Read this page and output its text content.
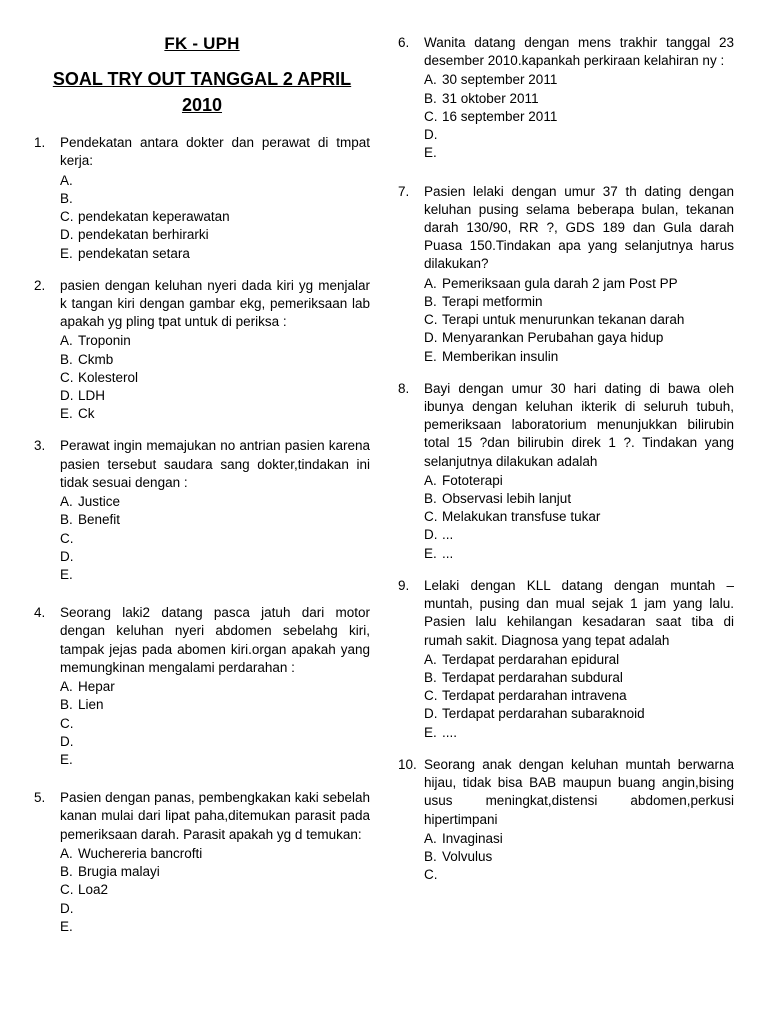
FK - UPH
SOAL TRY OUT TANGGAL 2 APRIL 2010
1.	Pendekatan antara dokter dan perawat di tmpat kerja:

A.
B.
C. pendekatan keperawatan
D. pendekatan berhirarki
E. pendekatan setara
2.	pasien dengan keluhan nyeri dada kiri yg menjalar k tangan kiri dengan gambar ekg, pemeriksaan lab apakah yg pling tpat untuk di periksa :

A. Troponin
B. Ckmb
C. Kolesterol
D. LDH
E. Ck
3.	Perawat ingin memajukan no antrian pasien karena pasien tersebut saudara sang dokter,tindakan ini tidak sesuai dengan :

A. Justice
B. Benefit
C.
D.
E.
4.	Seorang laki2 datang pasca jatuh dari motor dengan keluhan nyeri abdomen sebelahg kiri, tampak jejas pada abomen kiri.organ apakah yang memungkinan mengalami perdarahan :

A. Hepar
B. Lien
C.
D.
E.
5.	Pasien dengan panas, pembengkakan kaki sebelah kanan mulai dari lipat paha,ditemukan parasit pada pemeriksaan darah. Parasit apakah yg d temukan:

A. Wuchereria bancrofti
B. Brugia malayi
C. Loa2
D.
E.
6.	Wanita datang dengan mens trakhir tanggal 23 desember 2010.kapankah perkiraan kelahiran ny :

A. 30 september 2011
B. 31 oktober 2011
C. 16 september 2011
D.
E.
7.	Pasien lelaki dengan umur 37 th dating dengan keluhan pusing selama beberapa bulan, tekanan darah 130/90, RR ?, GDS 189 dan Gula darah Puasa 150.Tindakan apa yang selanjutnya harus dilakukan?

A. Pemeriksaan gula darah 2 jam Post PP
B. Terapi metformin
C. Terapi untuk menurunkan tekanan darah
D. Menyarankan Perubahan gaya hidup
E. Memberikan insulin
8.	Bayi dengan umur 30 hari dating di bawa oleh ibunya dengan keluhan ikterik di seluruh tubuh, pemeriksaan laboratorium menunjukkan bilirubin total 15 ?dan bilirubin direk 1 ?. Tindakan yang selanjutnya dilakukan adalah

A. Fototerapi
B. Observasi lebih lanjut
C. Melakukan transfuse tukar
D. ...
E. ...
9.	Lelaki dengan KLL datang dengan muntah – muntah, pusing dan mual sejak 1 jam yang lalu. Pasien lalu kehilangan kesadaran saat tiba di rumah sakit. Diagnosa yang tepat adalah

A. Terdapat perdarahan epidural
B. Terdapat perdarahan subdural
C. Terdapat perdarahan intravena
D. Terdapat perdarahan subaraknoid
E. ....
10. Seorang anak dengan keluhan muntah berwarna hijau, tidak bisa BAB maupun buang angin,bising usus meningkat,distensi abdomen,perkusi hipertimpani

A. Invaginasi
B. Volvulus
C.
